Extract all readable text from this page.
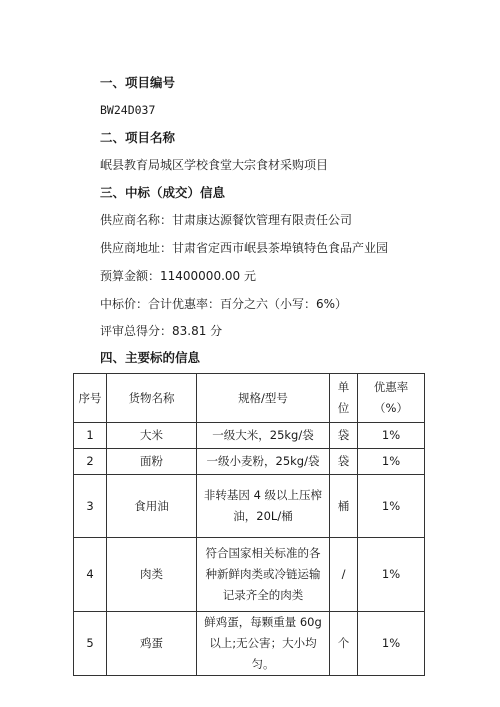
一、项目编号
BW24D037
二、项目名称
岷县教育局城区学校食堂大宗食材采购项目
三、中标（成交）信息
供应商名称：甘肃康达源餐饮管理有限责任公司
供应商地址：甘肃省定西市岷县茶埠镇特色食品产业园
预算金额：11400000.00 元
中标价：合计优惠率：百分之六（小写：6%）
评审总得分：83.81 分
四、主要标的信息
序号	货物名称	规格/型号	单位	优惠率（%）
1	大米	一级大米，25kg/袋	袋	1%
2	面粉	一级小麦粉，25kg/袋	袋	1%
3	食用油	非转基因 4 级以上压榨油，20L/桶	桶	1%
4	肉类	符合国家相关标准的各种新鲜肉类或冷链运输记录齐全的肉类	/	1%
5	鸡蛋	鲜鸡蛋，每颗重量 60g以上;无公害；大小均匀。	个	1%
